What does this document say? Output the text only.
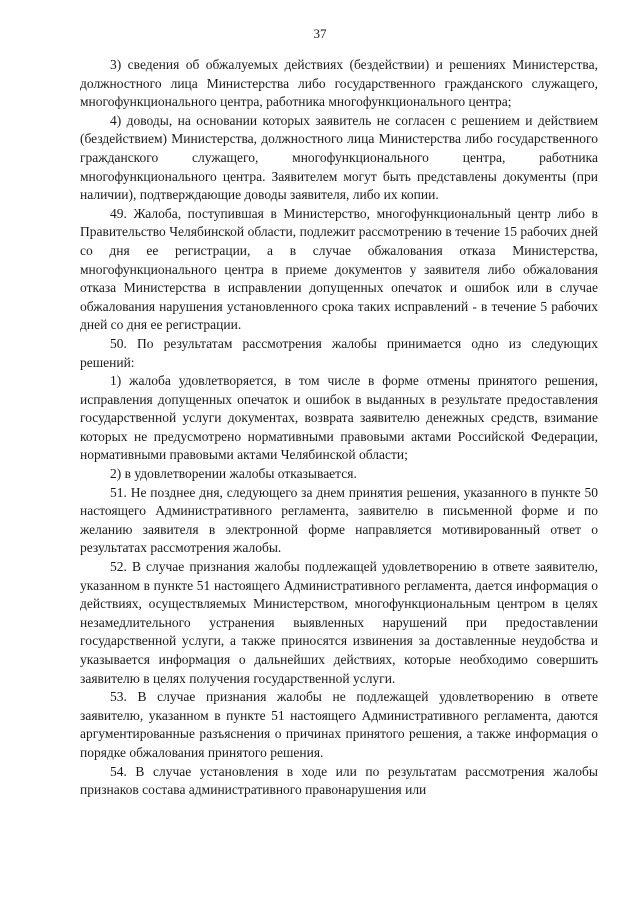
37

3) сведения об обжалуемых действиях (бездействии) и решениях Министерства, должностного лица Министерства либо государственного гражданского служащего, многофункционального центра, работника многофункционального центра;

4) доводы, на основании которых заявитель не согласен с решением и действием (бездействием) Министерства, должностного лица Министерства либо государственного гражданского служащего, многофункционального центра, работника многофункционального центра. Заявителем могут быть представлены документы (при наличии), подтверждающие доводы заявителя, либо их копии.

49. Жалоба, поступившая в Министерство, многофункциональный центр либо в Правительство Челябинской области, подлежит рассмотрению в течение 15 рабочих дней со дня ее регистрации, а в случае обжалования отказа Министерства, многофункционального центра в приеме документов у заявителя либо обжалования отказа Министерства в исправлении допущенных опечаток и ошибок или в случае обжалования нарушения установленного срока таких исправлений - в течение 5 рабочих дней со дня ее регистрации.

50. По результатам рассмотрения жалобы принимается одно из следующих решений:

1) жалоба удовлетворяется, в том числе в форме отмены принятого решения, исправления допущенных опечаток и ошибок в выданных в результате предоставления государственной услуги документах, возврата заявителю денежных средств, взимание которых не предусмотрено нормативными правовыми актами Российской Федерации, нормативными правовыми актами Челябинской области;

2) в удовлетворении жалобы отказывается.

51. Не позднее дня, следующего за днем принятия решения, указанного в пункте 50 настоящего Административного регламента, заявителю в письменной форме и по желанию заявителя в электронной форме направляется мотивированный ответ о результатах рассмотрения жалобы.

52. В случае признания жалобы подлежащей удовлетворению в ответе заявителю, указанном в пункте 51 настоящего Административного регламента, дается информация о действиях, осуществляемых Министерством, многофункциональным центром в целях незамедлительного устранения выявленных нарушений при предоставлении государственной услуги, а также приносятся извинения за доставленные неудобства и указывается информация о дальнейших действиях, которые необходимо совершить заявителю в целях получения государственной услуги.

53. В случае признания жалобы не подлежащей удовлетворению в ответе заявителю, указанном в пункте 51 настоящего Административного регламента, даются аргументированные разъяснения о причинах принятого решения, а также информация о порядке обжалования принятого решения.

54. В случае установления в ходе или по результатам рассмотрения жалобы признаков состава административного правонарушения или
